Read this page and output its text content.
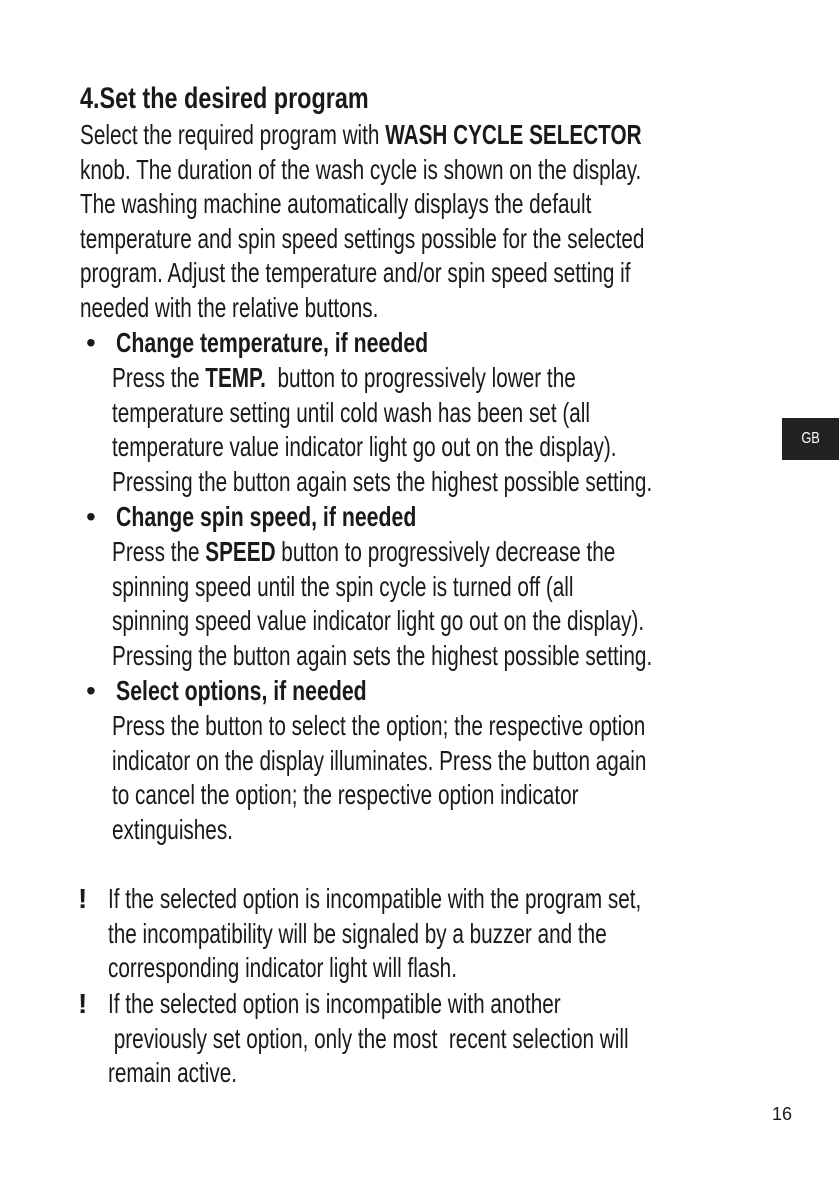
4.Set the desired program
Select the required program with WASH CYCLE SELECTOR
knob. The duration of the wash cycle is shown on the display.
The washing machine automatically displays the default
temperature and spin speed settings possible for the selected
program. Adjust the temperature and/or spin speed setting if
needed with the relative buttons.
• Change temperature, if needed
Press the TEMP.  button to progressively lower the
temperature setting until cold wash has been set (all
temperature value indicator light go out on the display).
Pressing the button again sets the highest possible setting.
• Change spin speed, if needed
Press the SPEED button to progressively decrease the
spinning speed until the spin cycle is turned off (all
spinning speed value indicator light go out on the display).
Pressing the button again sets the highest possible setting.
• Select options, if needed
Press the button to select the option; the respective option
indicator on the display illuminates. Press the button again
to cancel the option; the respective option indicator
extinguishes.
! If the selected option is incompatible with the program set,
the incompatibility will be signaled by a buzzer and the
corresponding indicator light will flash.
! If the selected option is incompatible with another
previously set option, only the most  recent selection will
remain active.
GB
16
